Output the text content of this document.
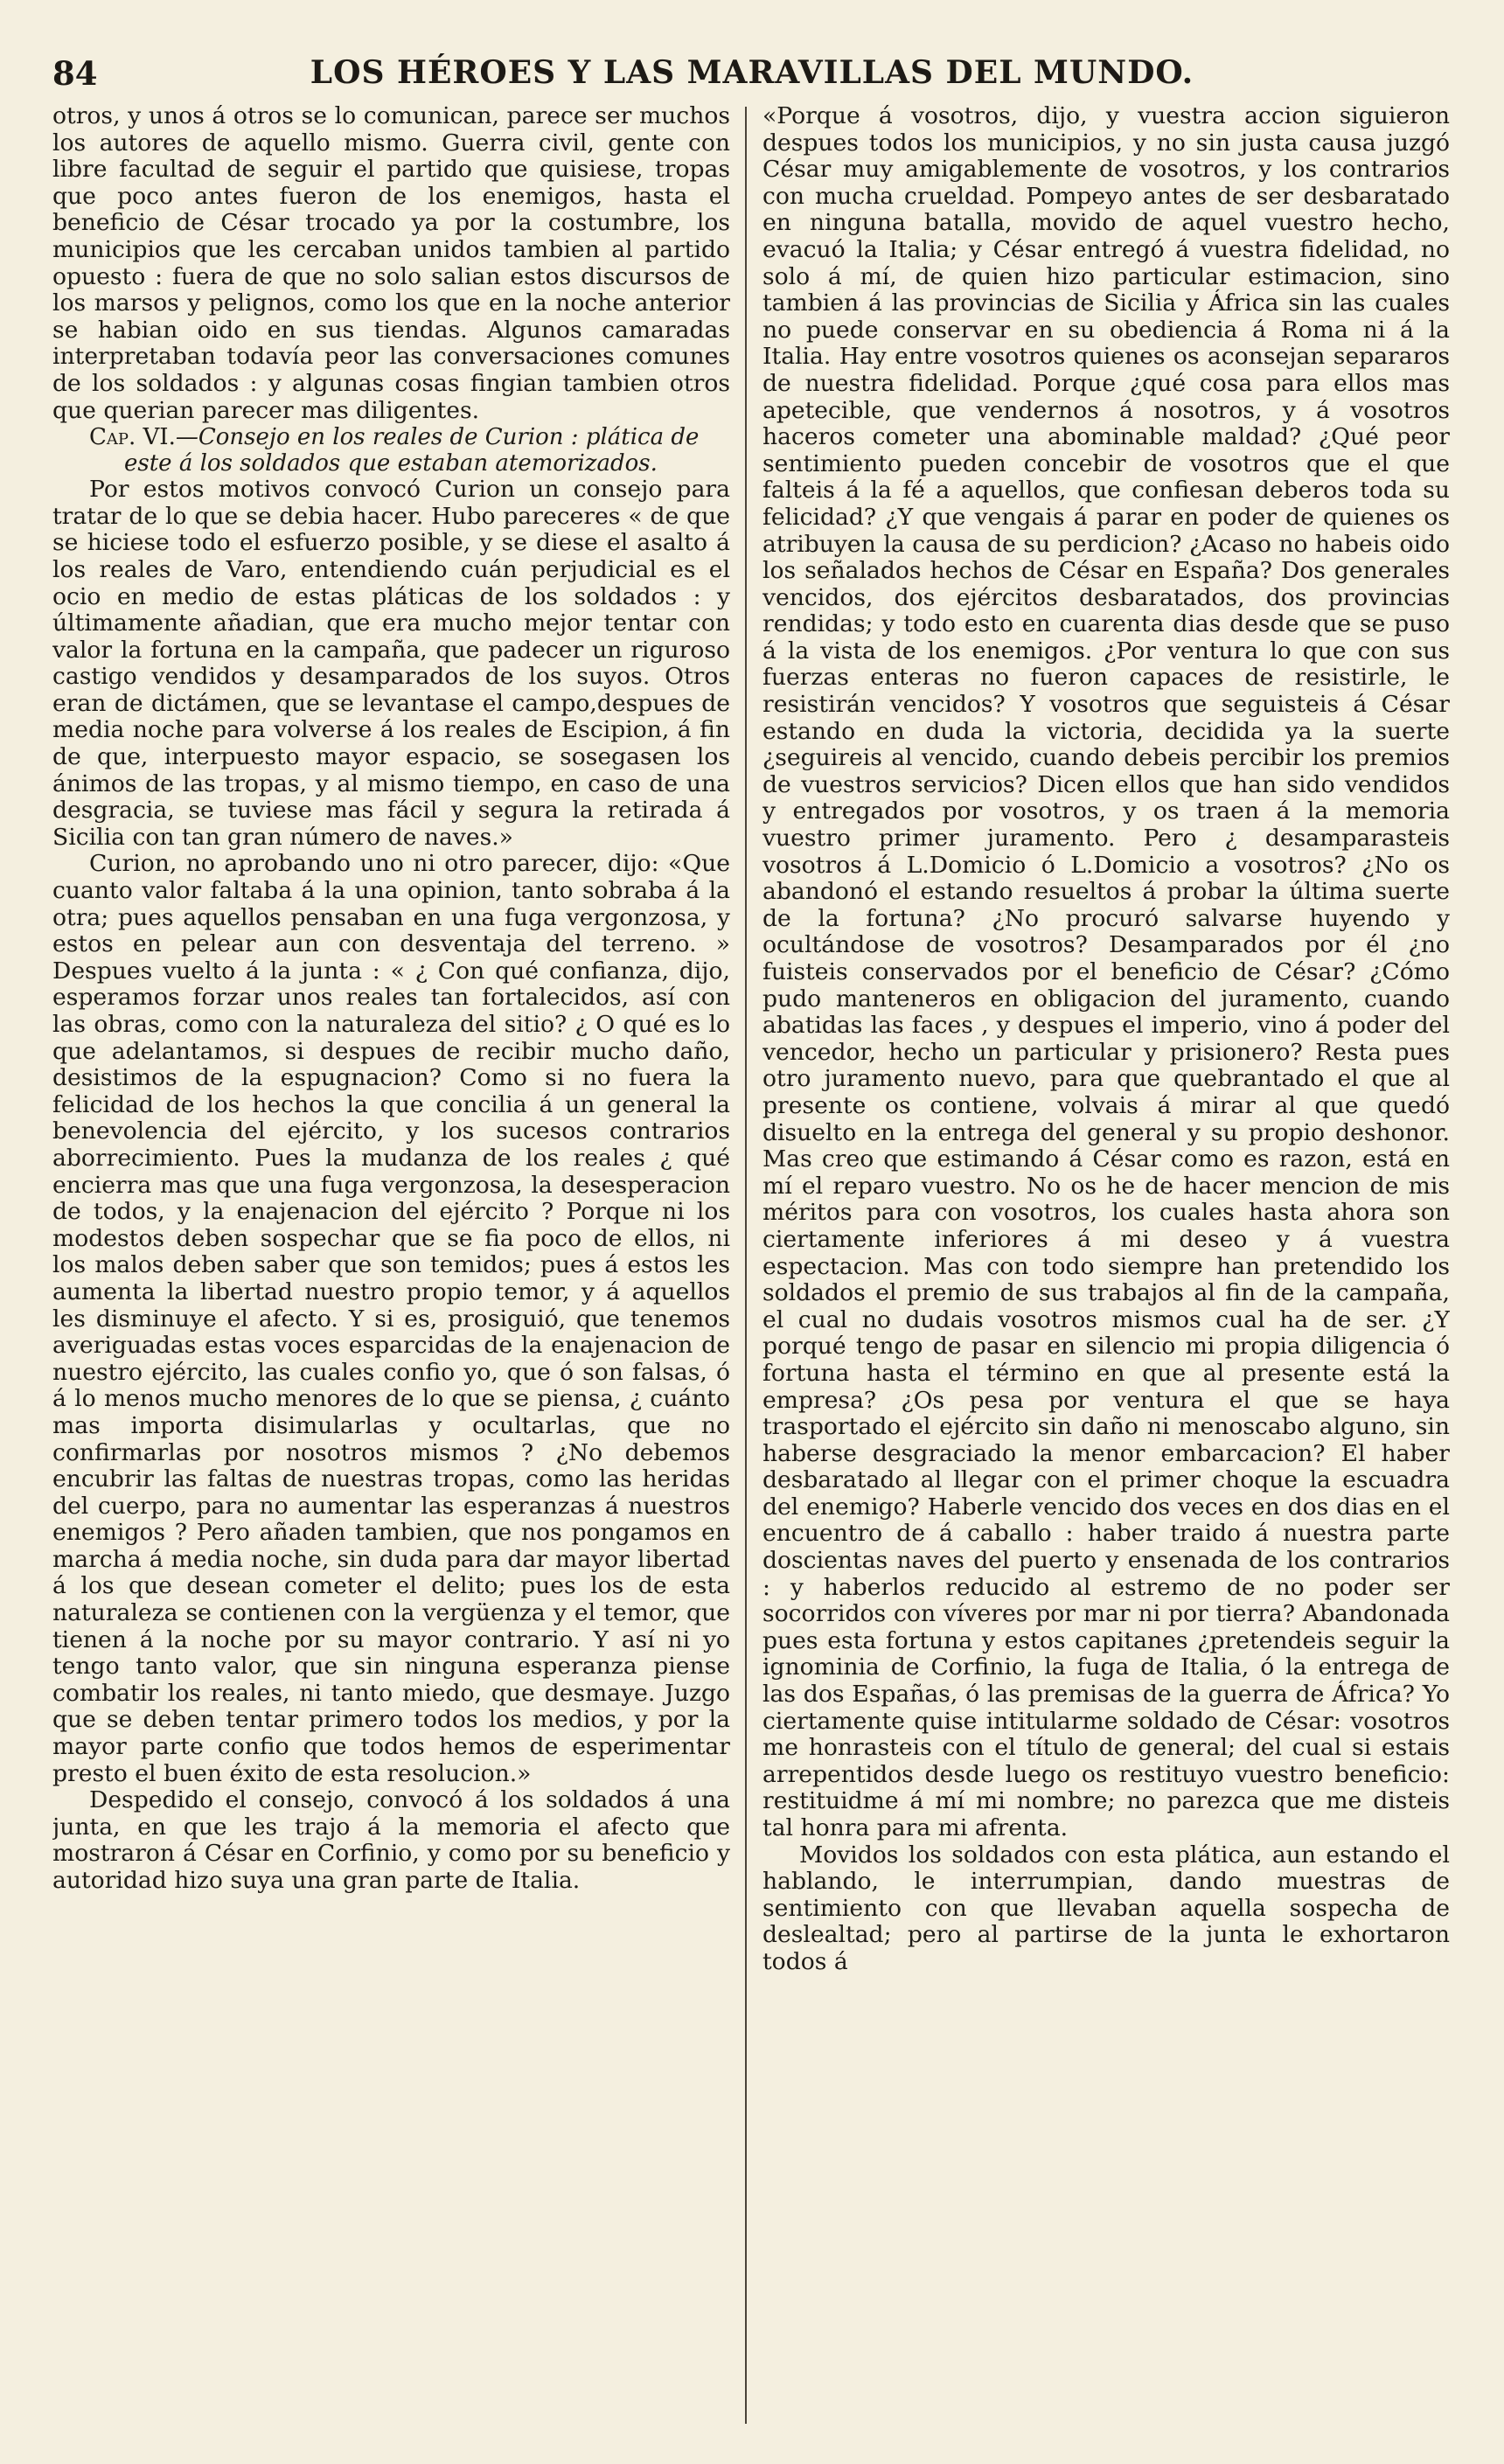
84	LOS HÉROES Y LAS MARAVILLAS DEL MUNDO.

otros, y unos á otros se lo comunican, parece ser muchos los autores de aquello mismo. Guerra civil, gente con libre facultad de seguir el partido que quisiese, tropas que poco antes fueron de los enemigos, hasta el beneficio de César trocado ya por la costumbre, los municipios que les cercaban unidos tambien al partido opuesto : fuera de que no solo salian estos discursos de los marsos y pelignos, como los que en la noche anterior se habian oido en sus tiendas. Algunos camaradas interpretaban todavía peor las conversaciones comunes de los soldados : y algunas cosas fingian tambien otros que querian parecer mas diligentes.

Cap. VI.—Consejo en los reales de Curion : plática de
este á los soldados que estaban atemorizados.

Por estos motivos convocó Curion un consejo para tratar de lo que se debia hacer. Hubo pareceres « de que se hiciese todo el esfuerzo posible, y se diese el asalto á los reales de Varo, entendiendo cuán perjudicial es el ocio en medio de estas pláticas de los soldados : y últimamente añadian, que era mucho mejor tentar con valor la fortuna en la campaña, que padecer un riguroso castigo vendidos y desamparados de los suyos. Otros eran de dictámen, que se levantase el campo,despues de media noche para volverse á los reales de Escipion, á fin de que, interpuesto mayor espacio, se sosegasen los ánimos de las tropas, y al mismo tiempo, en caso de una desgracia, se tuviese mas fácil y segura la retirada á Sicilia con tan gran número de naves.»

Curion, no aprobando uno ni otro parecer, dijo: «Que cuanto valor faltaba á la una opinion, tanto sobraba á la otra; pues aquellos pensaban en una fuga vergonzosa, y estos en pelear aun con desventaja del terreno. » Despues vuelto á la junta : « ¿ Con qué confianza, dijo, esperamos forzar unos reales tan fortalecidos, así con las obras, como con la naturaleza del sitio? ¿ O qué es lo que adelantamos, si despues de recibir mucho daño, desistimos de la espugnacion? Como si no fuera la felicidad de los hechos la que concilia á un general la benevolencia del ejército, y los sucesos contrarios aborrecimiento. Pues la mudanza de los reales ¿ qué encierra mas que una fuga vergonzosa, la desesperacion de todos, y la enajenacion del ejército ? Porque ni los modestos deben sospechar que se fia poco de ellos, ni los malos deben saber que son temidos; pues á estos les aumenta la libertad nuestro propio temor, y á aquellos les disminuye el afecto. Y si es, prosiguió, que tenemos averiguadas estas voces esparcidas de la enajenacion de nuestro ejército, las cuales confio yo, que ó son falsas, ó á lo menos mucho menores de lo que se piensa, ¿ cuánto mas importa disimularlas y ocultarlas, que no confirmarlas por nosotros mismos ? ¿No debemos encubrir las faltas de nuestras tropas, como las heridas del cuerpo, para no aumentar las esperanzas á nuestros enemigos ? Pero añaden tambien, que nos pongamos en marcha á media noche, sin duda para dar mayor libertad á los que desean cometer el delito; pues los de esta naturaleza se contienen con la vergüenza y el temor, que tienen á la noche por su mayor contrario. Y así ni yo tengo tanto valor, que sin ninguna esperanza piense combatir los reales, ni tanto miedo, que desmaye. Juzgo que se deben tentar primero todos los medios, y por la mayor parte confio que todos hemos de esperimentar presto el buen éxito de esta resolucion.»

Despedido el consejo, convocó á los soldados á una junta, en que les trajo á la memoria el afecto que mostraron á César en Corfinio, y como por su beneficio y autoridad hizo suya una gran parte de Italia.

«Porque á vosotros, dijo, y vuestra accion siguieron despues todos los municipios, y no sin justa causa juzgó César muy amigablemente de vosotros, y los contrarios con mucha crueldad. Pompeyo antes de ser desbaratado en ninguna batalla, movido de aquel vuestro hecho, evacuó la Italia; y César entregó á vuestra fidelidad, no solo á mí, de quien hizo particular estimacion, sino tambien á las provincias de Sicilia y África sin las cuales no puede conservar en su obediencia á Roma ni á la Italia. Hay entre vosotros quienes os aconsejan separaros de nuestra fidelidad. Porque ¿qué cosa para ellos mas apetecible, que vendernos á nosotros, y á vosotros haceros cometer una abominable maldad? ¿Qué peor sentimiento pueden concebir de vosotros que el que falteis á la fé a aquellos, que confiesan deberos toda su felicidad? ¿Y que vengais á parar en poder de quienes os atribuyen la causa de su perdicion? ¿Acaso no habeis oido los señalados hechos de César en España? Dos generales vencidos, dos ejércitos desbaratados, dos provincias rendidas; y todo esto en cuarenta dias desde que se puso á la vista de los enemigos. ¿Por ventura lo que con sus fuerzas enteras no fueron capaces de resistirle, le resistirán vencidos? Y vosotros que seguisteis á César estando en duda la victoria, decidida ya la suerte ¿seguireis al vencido, cuando debeis percibir los premios de vuestros servicios? Dicen ellos que han sido vendidos y entregados por vosotros, y os traen á la memoria vuestro primer juramento. Pero ¿ desamparasteis vosotros á L.Domicio ó L.Domicio a vosotros? ¿No os abandonó el estando resueltos á probar la última suerte de la fortuna? ¿No procuró salvarse huyendo y ocultándose de vosotros? Desamparados por él ¿no fuisteis conservados por el beneficio de César? ¿Cómo pudo manteneros en obligacion del juramento, cuando abatidas las faces , y despues el imperio, vino á poder del vencedor, hecho un particular y prisionero? Resta pues otro juramento nuevo, para que quebrantado el que al presente os contiene, volvais á mirar al que quedó disuelto en la entrega del general y su propio deshonor. Mas creo que estimando á César como es razon, está en mí el reparo vuestro. No os he de hacer mencion de mis méritos para con vosotros, los cuales hasta ahora son ciertamente inferiores á mi deseo y á vuestra espectacion. Mas con todo siempre han pretendido los soldados el premio de sus trabajos al fin de la campaña, el cual no dudais vosotros mismos cual ha de ser. ¿Y porqué tengo de pasar en silencio mi propia diligencia ó fortuna hasta el término en que al presente está la empresa? ¿Os pesa por ventura el que se haya trasportado el ejército sin daño ni menoscabo alguno, sin haberse desgraciado la menor embarcacion? El haber desbaratado al llegar con el primer choque la escuadra del enemigo? Haberle vencido dos veces en dos dias en el encuentro de á caballo : haber traido á nuestra parte doscientas naves del puerto y ensenada de los contrarios : y haberlos reducido al estremo de no poder ser socorridos con víveres por mar ni por tierra? Abandonada pues esta fortuna y estos capitanes ¿pretendeis seguir la ignominia de Corfinio, la fuga de Italia, ó la entrega de las dos Españas, ó las premisas de la guerra de África? Yo ciertamente quise intitularme soldado de César: vosotros me honrasteis con el título de general; del cual si estais arrepentidos desde luego os restituyo vuestro beneficio: restituidme á mí mi nombre; no parezca que me disteis tal honra para mi afrenta.

Movidos los soldados con esta plática, aun estando el hablando, le interrumpian, dando muestras de sentimiento con que llevaban aquella sospecha de deslealtad; pero al partirse de la junta le exhortaron todos á
